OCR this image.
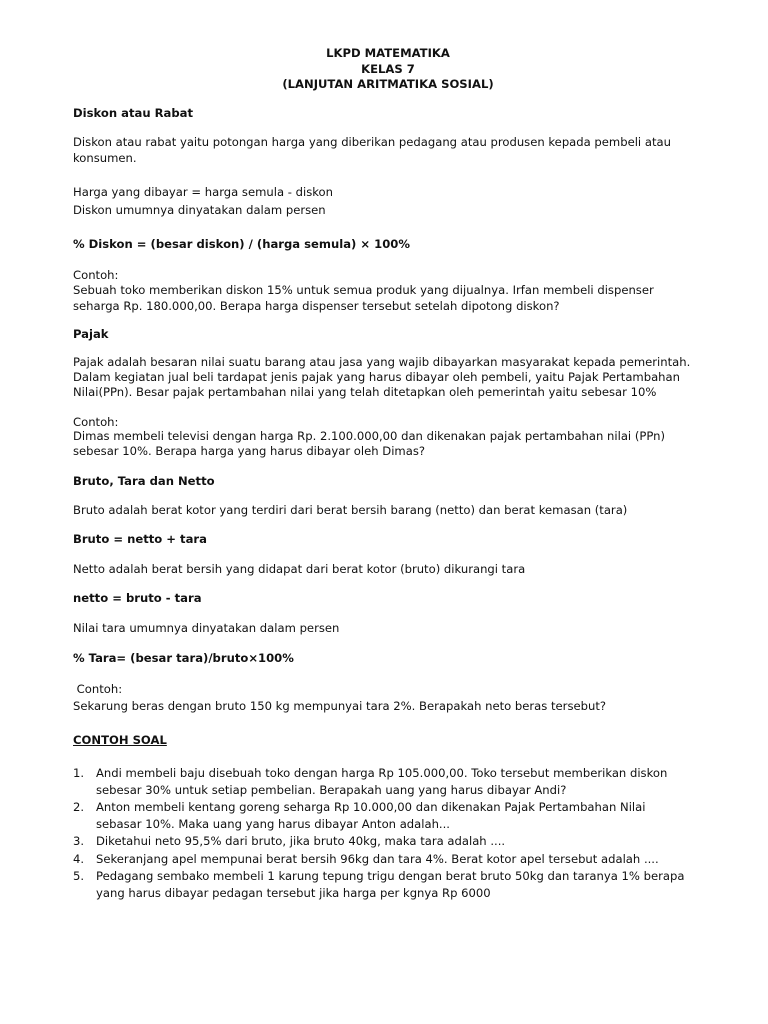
LKPD MATEMATIKA

KELAS 7

(LANJUTAN ARITMATIKA SOSIAL)

Diskon atau Rabat

Diskon atau rabat yaitu potongan harga yang diberikan pedagang atau produsen kepada pembeli atau konsumen.

Harga yang dibayar = harga semula - diskon

Diskon umumnya dinyatakan dalam persen

% Diskon = (besar diskon) / (harga semula) × 100%

Contoh:

Sebuah toko memberikan diskon 15% untuk semua produk yang dijualnya. Irfan membeli dispenser seharga Rp. 180.000,00. Berapa harga dispenser tersebut setelah dipotong diskon?

Pajak

Pajak adalah besaran nilai suatu barang atau jasa yang wajib dibayarkan masyarakat kepada pemerintah. Dalam kegiatan jual beli tardapat jenis pajak yang harus dibayar oleh pembeli, yaitu Pajak Pertambahan Nilai(PPn). Besar pajak pertambahan nilai yang telah ditetapkan oleh pemerintah yaitu sebesar 10%

Contoh:

Dimas membeli televisi dengan harga Rp. 2.100.000,00 dan dikenakan pajak pertambahan nilai (PPn) sebesar 10%. Berapa harga yang harus dibayar oleh Dimas?

Bruto, Tara dan Netto

Bruto adalah berat kotor yang terdiri dari berat bersih barang (netto) dan berat kemasan (tara)

Bruto = netto + tara

Netto adalah berat bersih yang didapat dari berat kotor (bruto) dikurangi tara

netto = bruto - tara

Nilai tara umumnya dinyatakan dalam persen

% Tara= (besar tara)/bruto×100%

Contoh:

Sekarung beras dengan bruto 150 kg mempunyai tara 2%. Berapakah neto beras tersebut?

CONTOH SOAL

1. Andi membeli baju disebuah toko dengan harga Rp 105.000,00. Toko tersebut memberikan diskon sebesar 30% untuk setiap pembelian. Berapakah uang yang harus dibayar Andi?
2. Anton membeli kentang goreng seharga Rp 10.000,00 dan dikenakan Pajak Pertambahan Nilai sebasar 10%. Maka uang yang harus dibayar Anton adalah...
3. Diketahui neto 95,5% dari bruto, jika bruto 40kg, maka tara adalah ....
4. Sekeranjang apel mempunai berat bersih 96kg dan tara 4%. Berat kotor apel tersebut adalah ....
5. Pedagang sembako membeli 1 karung tepung trigu dengan berat bruto 50kg dan taranya 1% berapa yang harus dibayar pedagan tersebut jika harga per kgnya Rp 6000
